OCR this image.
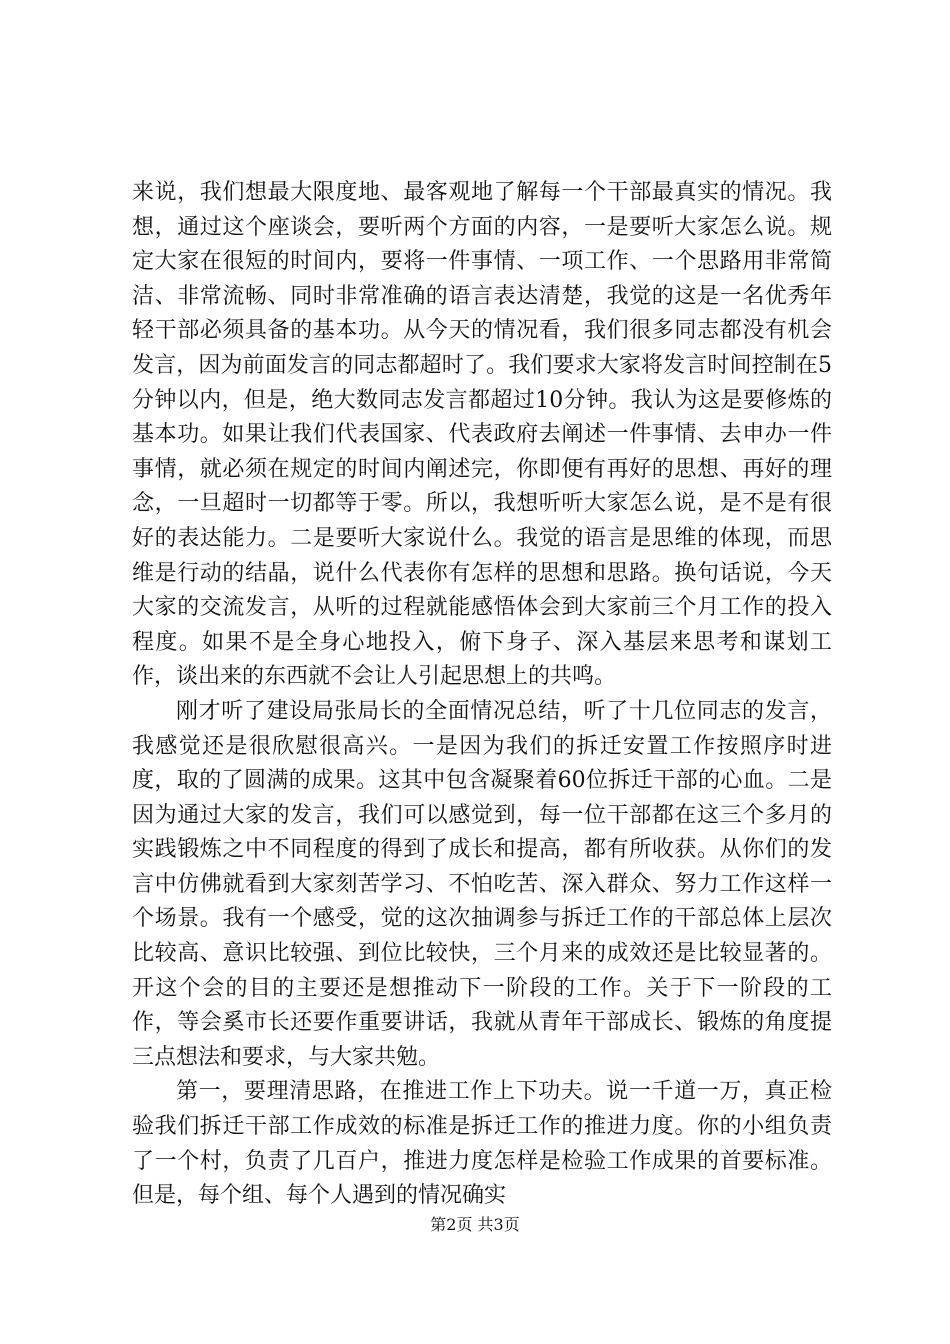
来说，我们想最大限度地、最客观地了解每一个干部最真实的情况。我想，通过这个座谈会，要听两个方面的内容，一是要听大家怎么说。规定大家在很短的时间内，要将一件事情、一项工作、一个思路用非常简洁、非常流畅、同时非常准确的语言表达清楚，我觉的这是一名优秀年轻干部必须具备的基本功。从今天的情况看，我们很多同志都没有机会发言，因为前面发言的同志都超时了。我们要求大家将发言时间控制在5分钟以内，但是，绝大数同志发言都超过10分钟。我认为这是要修炼的基本功。如果让我们代表国家、代表政府去阐述一件事情、去申办一件事情，就必须在规定的时间内阐述完，你即便有再好的思想、再好的理念，一旦超时一切都等于零。所以，我想听听大家怎么说，是不是有很好的表达能力。二是要听大家说什么。我觉的语言是思维的体现，而思维是行动的结晶，说什么代表你有怎样的思想和思路。换句话说，今天大家的交流发言，从听的过程就能感悟体会到大家前三个月工作的投入程度。如果不是全身心地投入，俯下身子、深入基层来思考和谋划工作，谈出来的东西就不会让人引起思想上的共鸣。

刚才听了建设局张局长的全面情况总结，听了十几位同志的发言，我感觉还是很欣慰很高兴。一是因为我们的拆迁安置工作按照序时进度，取的了圆满的成果。这其中包含凝聚着60位拆迁干部的心血。二是因为通过大家的发言，我们可以感觉到，每一位干部都在这三个多月的实践锻炼之中不同程度的得到了成长和提高，都有所收获。从你们的发言中仿佛就看到大家刻苦学习、不怕吃苦、深入群众、努力工作这样一个场景。我有一个感受，觉的这次抽调参与拆迁工作的干部总体上层次比较高、意识比较强、到位比较快，三个月来的成效还是比较显著的。开这个会的目的主要还是想推动下一阶段的工作。关于下一阶段的工作，等会奚市长还要作重要讲话，我就从青年干部成长、锻炼的角度提三点想法和要求，与大家共勉。

第一，要理清思路，在推进工作上下功夫。说一千道一万，真正检验我们拆迁干部工作成效的标准是拆迁工作的推进力度。你的小组负责了一个村，负责了几百户，推进力度怎样是检验工作成果的首要标准。但是，每个组、每个人遇到的情况确实

第2页 共3页
